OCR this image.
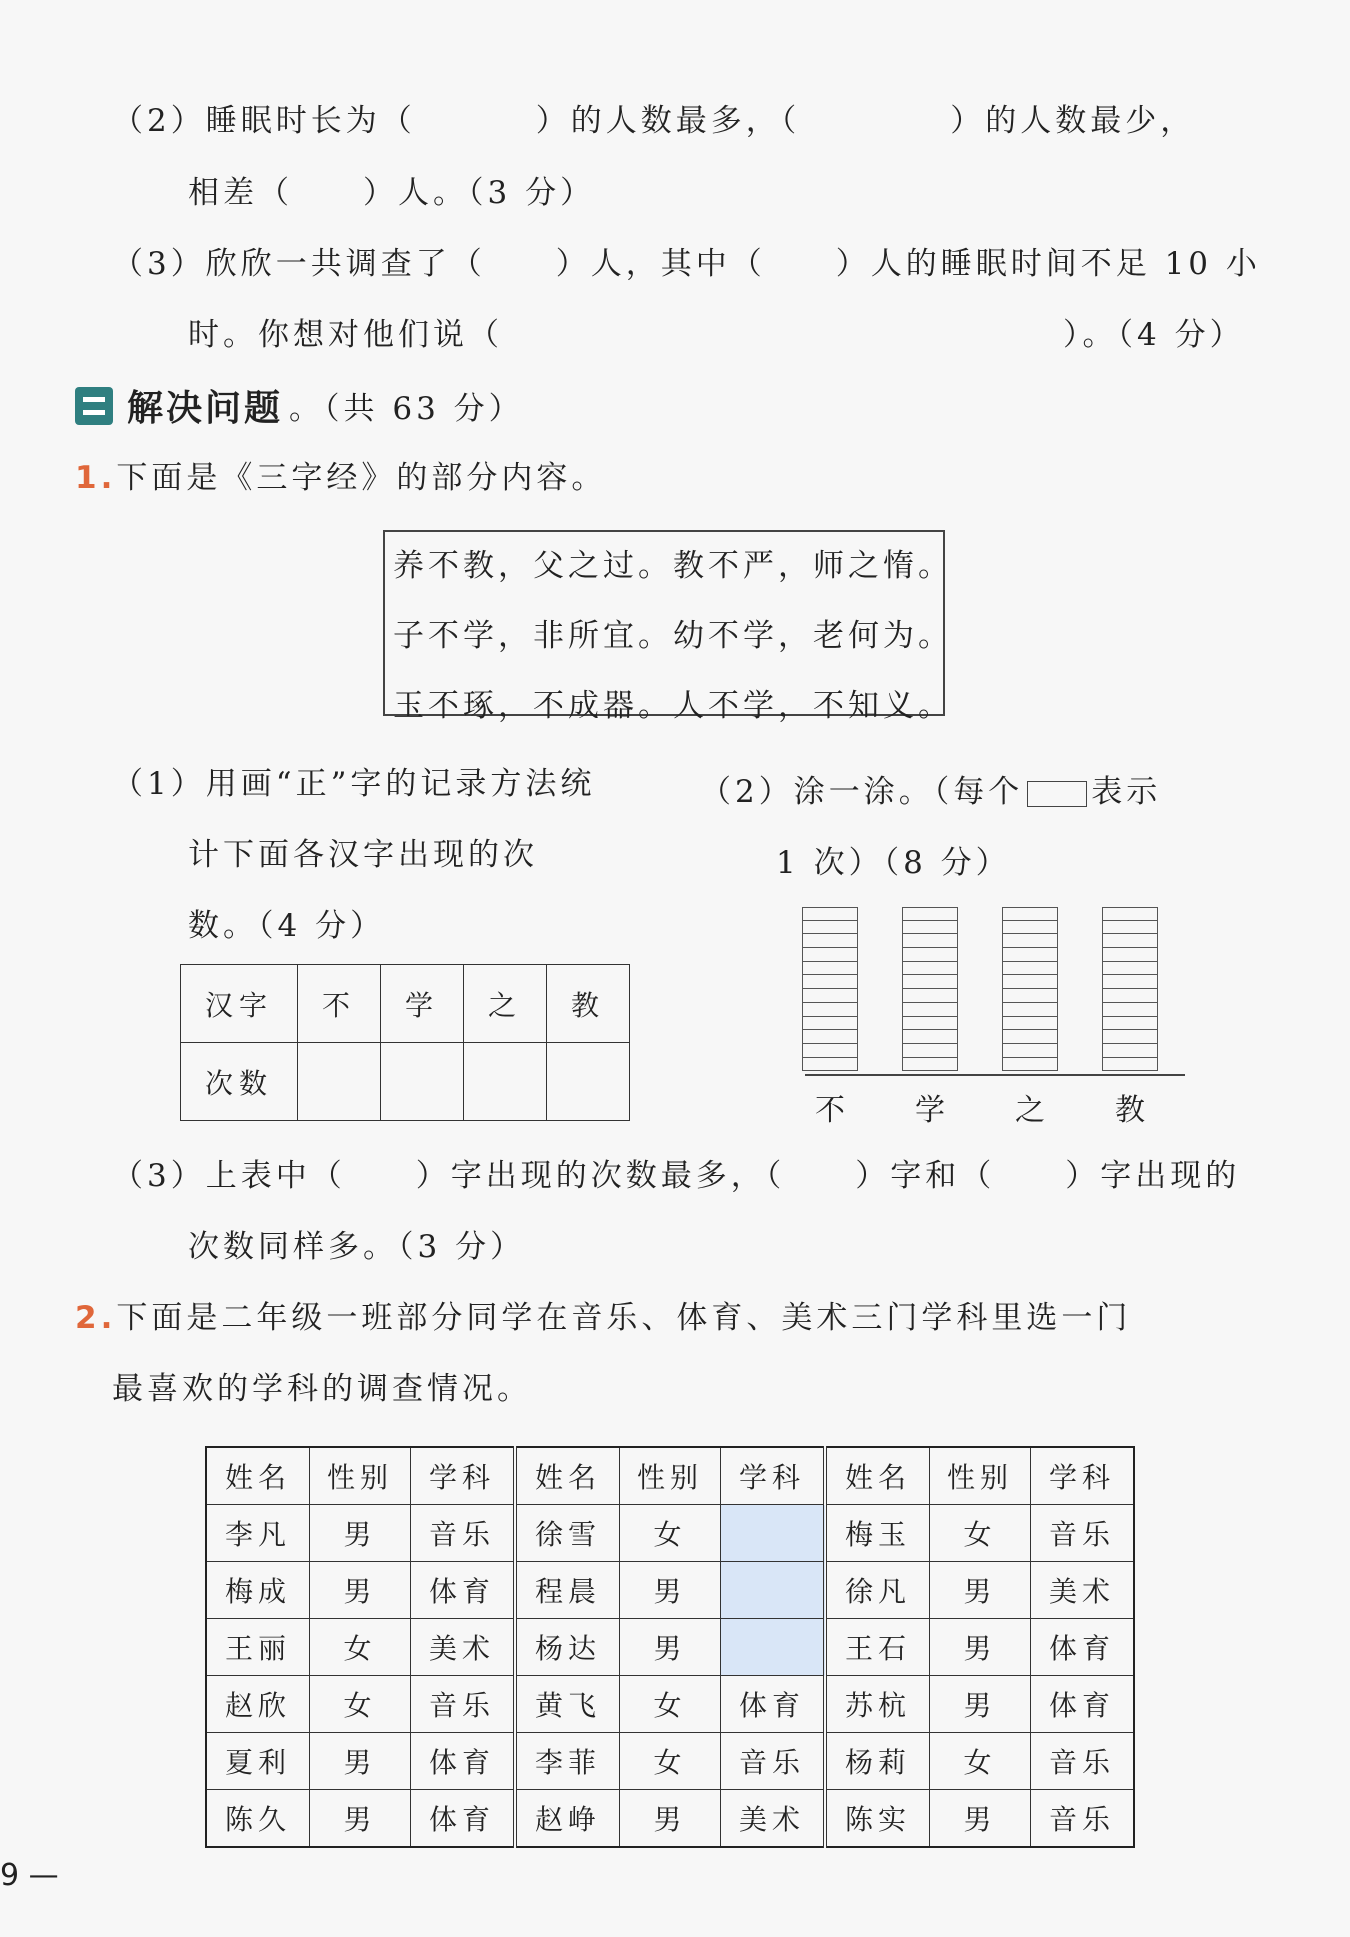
（2）睡眠时长为（	）的人数最多，（	）的人数最少，
相差（ ）人。（3 分）
（3）欣欣一共调查了（ ）人，其中（ ）人的睡眠时间不足 10 小
时。你想对他们说（	）。（4 分）
解决问题 。（共 63 分）
1.下面是《三字经》的部分内容。
养不教，父之过。教不严，师之惰。
子不学，非所宜。幼不学，老何为。
玉不琢，不成器。人不学，不知义。
（1）用画“正”字的记录方法统
计下面各汉字出现的次
数。（4 分）
（2）涂一涂。（每个 表示
1 次）（8 分）
汉字	不	学	之	教
次数				
不	学	之	教
（3）上表中（ ）字出现的次数最多，（ ）字和（ ）字出现的
次数同样多。（3 分）
2.下面是二年级一班部分同学在音乐、体育、美术三门学科里选一门
最喜欢的学科的调查情况。
姓名	性别	学科	姓名	性别	学科	姓名	性别	学科
李凡	男	音乐	徐雪	女		梅玉	女	音乐
梅成	男	体育	程晨	男		徐凡	男	美术
王丽	女	美术	杨达	男		王石	男	体育
赵欣	女	音乐	黄飞	女	体育	苏杭	男	体育
夏利	男	体育	李菲	女	音乐	杨莉	女	音乐
陈久	男	体育	赵峥	男	美术	陈实	男	音乐
9 —
